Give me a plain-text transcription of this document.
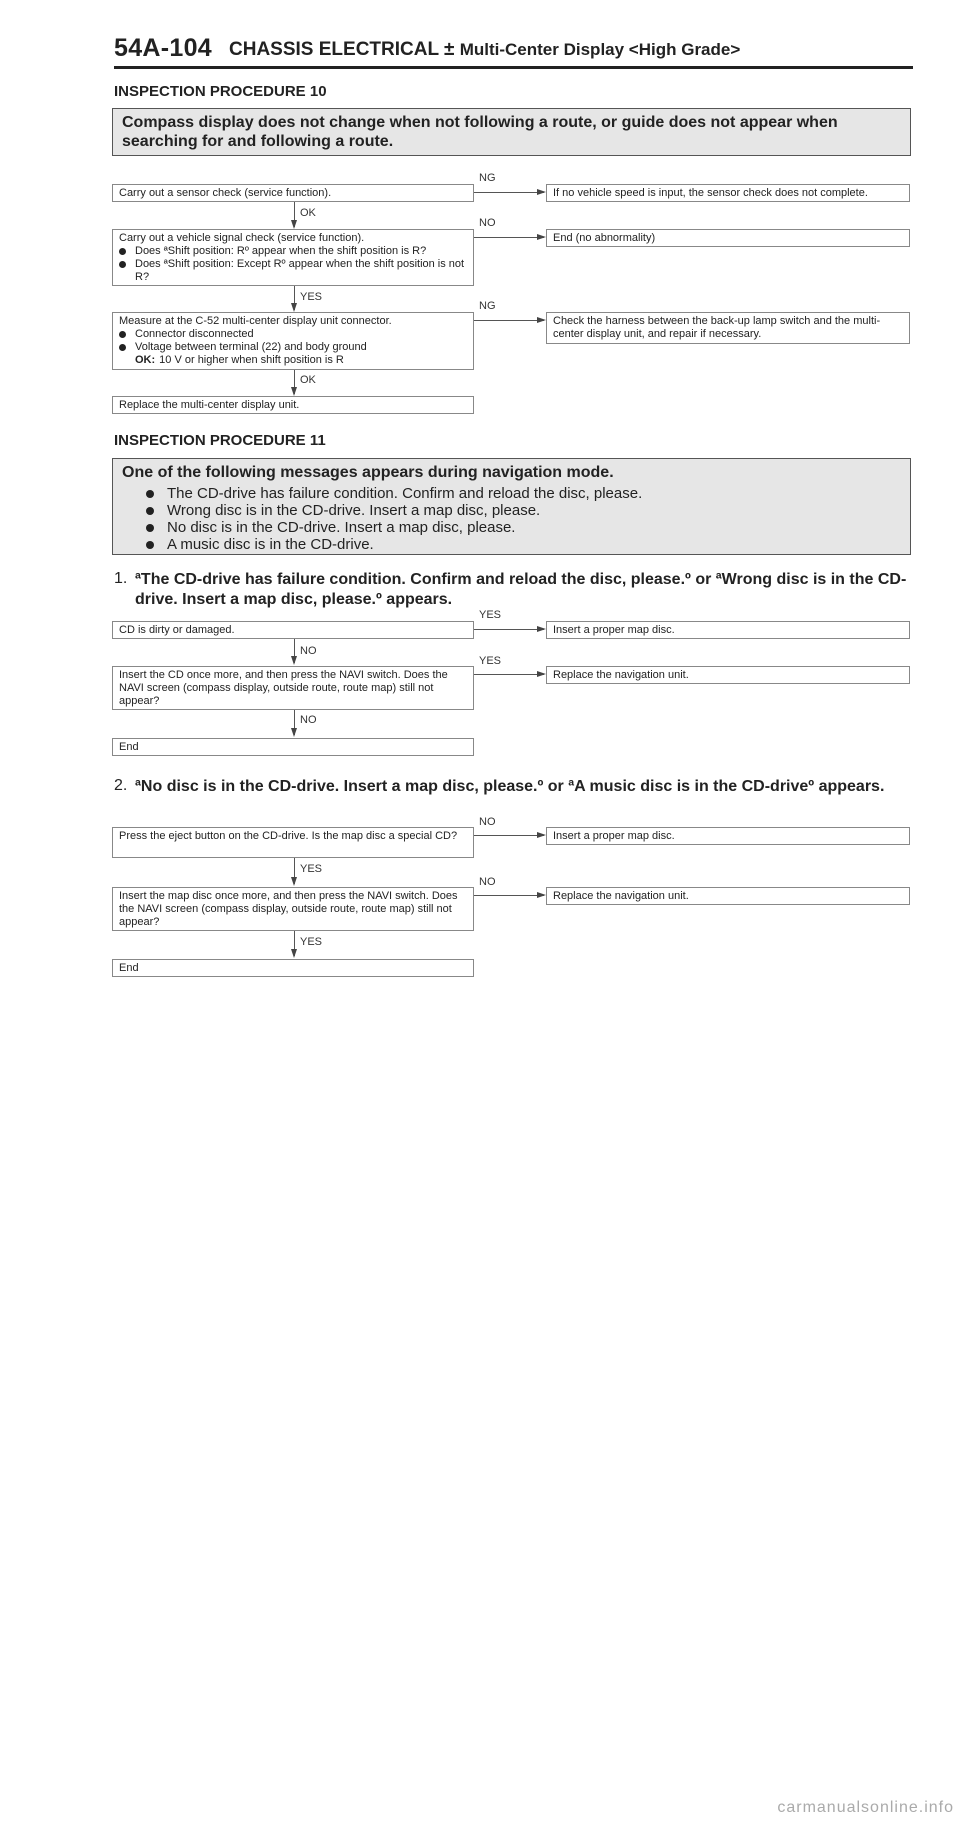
54A-104 CHASSIS ELECTRICAL ± Multi-Center Display <High Grade>
INSPECTION PROCEDURE 10
Compass display does not change when not following a route, or guide does not appear when searching for and following a route.
Carry out a sensor check (service function).
NG
If no vehicle speed is input, the sensor check does not complete.
OK
Carry out a vehicle signal check (service function).
Does ªShift position: Rº appear when the shift position is R?
Does ªShift position: Except Rº appear when the shift position is not R?
NO
End (no abnormality)
YES
Measure at the C-52 multi-center display unit connector.
Connector disconnected
Voltage between terminal (22) and body ground
OK: 10 V or higher when shift position is R
NG
Check the harness between the back-up lamp switch and the multi-center display unit, and repair if necessary.
OK
Replace the multi-center display unit.
INSPECTION PROCEDURE 11
One of the following messages appears during navigation mode.
The CD-drive has failure condition. Confirm and reload the disc, please.
Wrong disc is in the CD-drive. Insert a map disc, please.
No disc is in the CD-drive. Insert a map disc, please.
A music disc is in the CD-drive.
1. ªThe CD-drive has failure condition. Confirm and reload the disc, please.º or ªWrong disc is in the CD-drive. Insert a map disc, please.º appears.
CD is dirty or damaged.
YES
Insert a proper map disc.
NO
Insert the CD once more, and then press the NAVI switch. Does the NAVI screen (compass display, outside route, route map) still not appear?
YES
Replace the navigation unit.
NO
End
2. ªNo disc is in the CD-drive. Insert a map disc, please.º or ªA music disc is in the CD-driveº appears.
Press the eject button on the CD-drive. Is the map disc a special CD?
NO
Insert a proper map disc.
YES
Insert the map disc once more, and then press the NAVI switch. Does the NAVI screen (compass display, outside route, route map) still not appear?
NO
Replace the navigation unit.
YES
End
carmanualsonline.info
